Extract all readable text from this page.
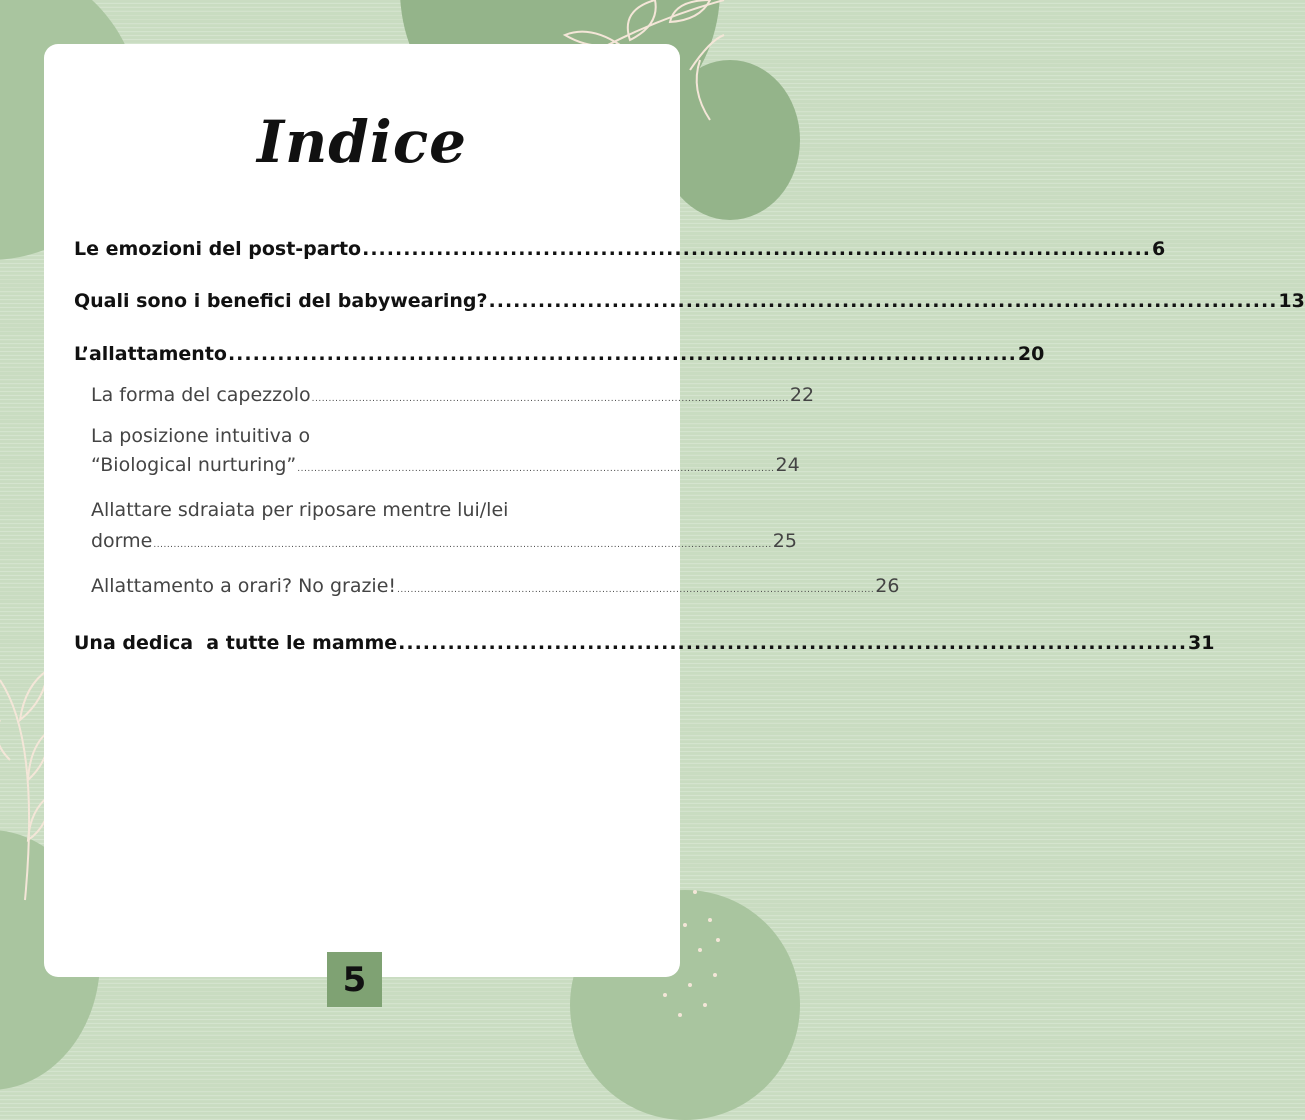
Indice
Le emozioni del post-parto ................................................................................................ 6
Quali sono i benefici del babywearing? ................................................................................................ 13
L’allattamento ................................................................................................ 20
La forma del capezzolo .............................................................................................................................................. 22
La posizione intuitiva o
“Biological nurturing” .............................................................................................................................................. 24
Allattare sdraiata per riposare mentre lui/lei
dorme ........................................................................................................................................................................................ 25
Allattamento a orari? No grazie! .............................................................................................................................................. 26
Una dedica  a tutte le mamme ................................................................................................ 31
5
